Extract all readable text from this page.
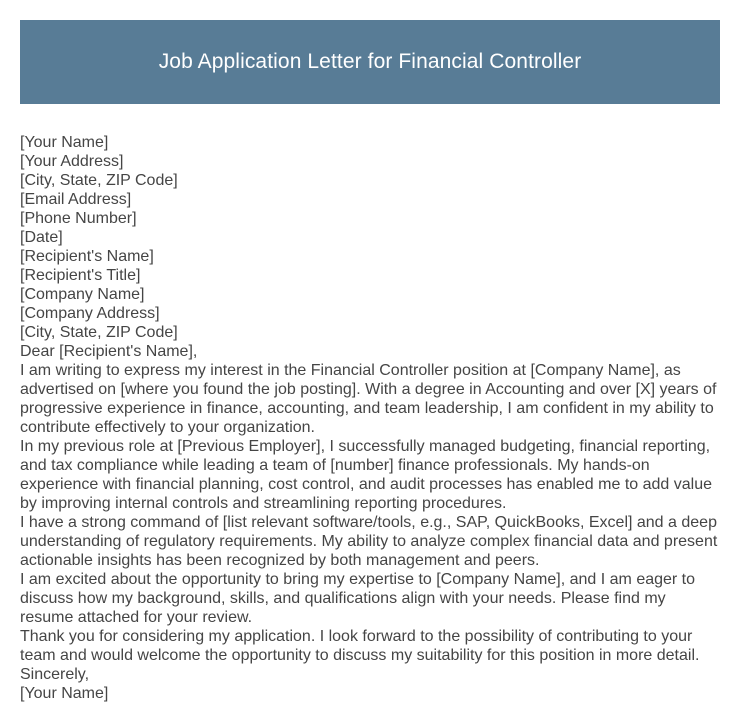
Job Application Letter for Financial Controller
[Your Name]
[Your Address]
[City, State, ZIP Code]
[Email Address]
[Phone Number]
[Date]
[Recipient's Name]
[Recipient's Title]
[Company Name]
[Company Address]
[City, State, ZIP Code]
Dear [Recipient's Name],

I am writing to express my interest in the Financial Controller position at [Company Name], as
advertised on [where you found the job posting]. With a degree in Accounting and over [X] years of
progressive experience in finance, accounting, and team leadership, I am confident in my ability to
contribute effectively to your organization.

In my previous role at [Previous Employer], I successfully managed budgeting, financial reporting,
and tax compliance while leading a team of [number] finance professionals. My hands-on
experience with financial planning, cost control, and audit processes has enabled me to add value
by improving internal controls and streamlining reporting procedures.

I have a strong command of [list relevant software/tools, e.g., SAP, QuickBooks, Excel] and a deep
understanding of regulatory requirements. My ability to analyze complex financial data and present
actionable insights has been recognized by both management and peers.

I am excited about the opportunity to bring my expertise to [Company Name], and I am eager to
discuss how my background, skills, and qualifications align with your needs. Please find my
resume attached for your review.

Thank you for considering my application. I look forward to the possibility of contributing to your
team and would welcome the opportunity to discuss my suitability for this position in more detail.

Sincerely,
[Your Name]
